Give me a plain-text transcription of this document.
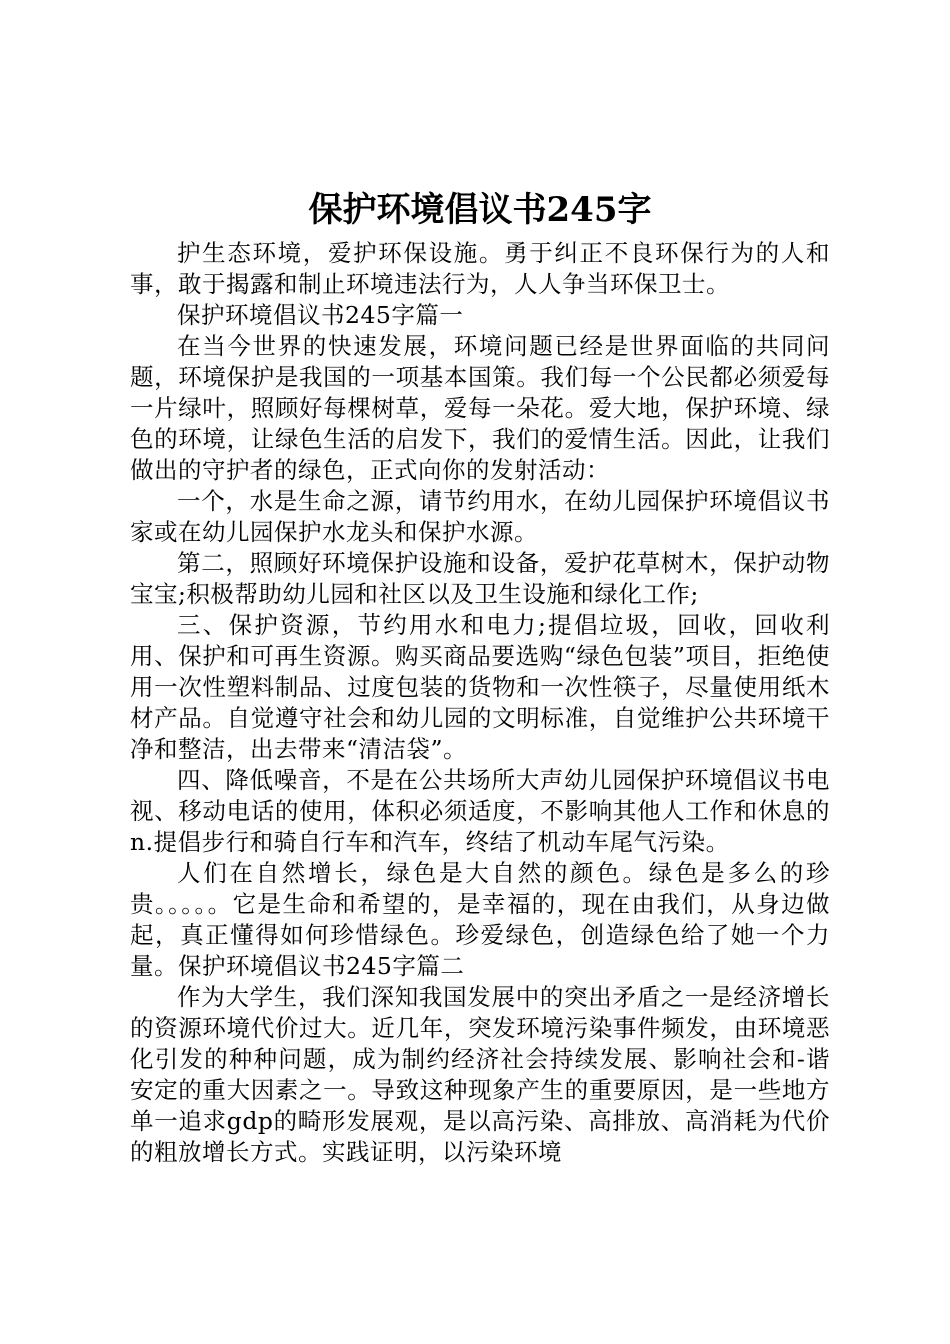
保护环境倡议书245字

护生态环境，爱护环保设施。勇于纠正不良环保行为的人和事，敢于揭露和制止环境违法行为，人人争当环保卫士。

保护环境倡议书245字篇一

在当今世界的快速发展，环境问题已经是世界面临的共同问题，环境保护是我国的一项基本国策。我们每一个公民都必须爱每一片绿叶，照顾好每棵树草，爱每一朵花。爱大地，保护环境、绿色的环境，让绿色生活的启发下，我们的爱情生活。因此，让我们做出的守护者的绿色，正式向你的发射活动：

一个，水是生命之源，请节约用水，在幼儿园保护环境倡议书家或在幼儿园保护水龙头和保护水源。

第二，照顾好环境保护设施和设备，爱护花草树木，保护动物宝宝;积极帮助幼儿园和社区以及卫生设施和绿化工作;

三、保护资源，节约用水和电力;提倡垃圾，回收，回收利用、保护和可再生资源。购买商品要选购“绿色包装”项目，拒绝使用一次性塑料制品、过度包装的货物和一次性筷子，尽量使用纸木材产品。自觉遵守社会和幼儿园的文明标准，自觉维护公共环境干净和整洁，出去带来“清洁袋”。

四、降低噪音，不是在公共场所大声幼儿园保护环境倡议书电视、移动电话的使用，体积必须适度，不影响其他人工作和休息的n.提倡步行和骑自行车和汽车，终结了机动车尾气污染。

人们在自然增长，绿色是大自然的颜色。绿色是多么的珍贵。。。。。它是生命和希望的，是幸福的，现在由我们，从身边做起，真正懂得如何珍惜绿色。珍爱绿色，创造绿色给了她一个力量。保护环境倡议书245字篇二

作为大学生，我们深知我国发展中的突出矛盾之一是经济增长的资源环境代价过大。近几年，突发环境污染事件频发，由环境恶化引发的种种问题，成为制约经济社会持续发展、影响社会和-谐安定的重大因素之一。导致这种现象产生的重要原因，是一些地方单一追求gdp的畸形发展观，是以高污染、高排放、高消耗为代价的粗放增长方式。实践证明，以污染环境
